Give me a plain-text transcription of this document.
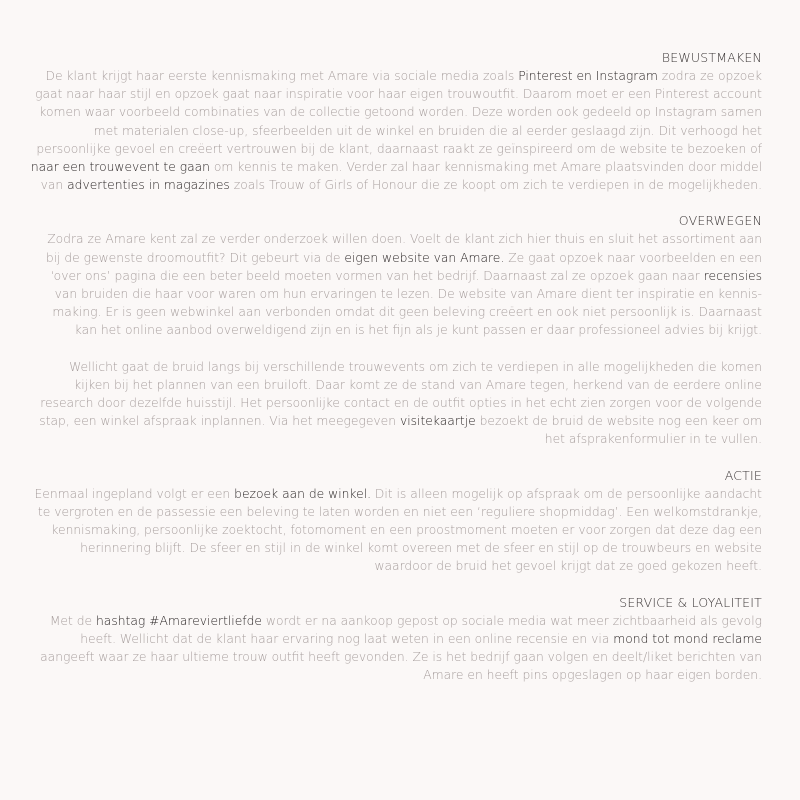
BEWUSTMAKEN

De klant krijgt haar eerste kennismaking met Amare via sociale media zoals Pinterest en Instagram zodra ze opzoek gaat naar haar stijl en opzoek gaat naar inspiratie voor haar eigen trouwoutfit. Daarom moet er een Pinterest account komen waar voorbeeld combinaties van de collectie getoond worden. Deze worden ook gedeeld op Instagram samen met materialen close-up, sfeerbeelden uit de winkel en bruiden die al eerder geslaagd zijn. Dit verhoogd het persoonlijke gevoel en creëert vertrouwen bij de klant, daarnaast raakt ze geïnspireerd om de website te bezoeken of naar een trouwevent te gaan om kennis te maken. Verder zal haar kennismaking met Amare plaatsvinden door middel van advertenties in magazines zoals Trouw of Girls of Honour die ze koopt om zich te verdiepen in de mogelijkheden.

OVERWEGEN

Zodra ze Amare kent zal ze verder onderzoek willen doen. Voelt de klant zich hier thuis en sluit het assortiment aan bij de gewenste droomoutfit? Dit gebeurt via de eigen website van Amare. Ze gaat opzoek naar voorbeelden en een ‘over ons’ pagina die een beter beeld moeten vormen van het bedrijf. Daarnaast zal ze opzoek gaan naar recensies van bruiden die haar voor waren om hun ervaringen te lezen. De website van Amare dient ter inspiratie en kennis-making. Er is geen webwinkel aan verbonden omdat dit geen beleving creëert en ook niet persoonlijk is. Daarnaast kan het online aanbod overweldigend zijn en is het fijn als je kunt passen er daar professioneel advies bij krijgt.

Wellicht gaat de bruid langs bij verschillende trouwevents om zich te verdiepen in alle mogelijkheden die komen kijken bij het plannen van een bruiloft. Daar komt ze de stand van Amare tegen, herkend van de eerdere online research door dezelfde huisstijl. Het persoonlijke contact en de outfit opties in het echt zien zorgen voor de volgende stap, een winkel afspraak inplannen. Via het meegegeven visitekaartje bezoekt de bruid de website nog een keer om het afsprakenformulier in te vullen.

ACTIE

Eenmaal ingepland volgt er een bezoek aan de winkel. Dit is alleen mogelijk op afspraak om de persoonlijke aandacht te vergroten en de passessie een beleving te laten worden en niet een ‘reguliere shopmiddag’. Een welkomstdrankje, kennismaking, persoonlijke zoektocht, fotomoment en een proostmoment moeten er voor zorgen dat deze dag een herinnering blijft. De sfeer en stijl in de winkel komt overeen met de sfeer en stijl op de trouwbeurs en website waardoor de bruid het gevoel krijgt dat ze goed gekozen heeft.

SERVICE & LOYALITEIT

Met de hashtag #Amareviertliefde wordt er na aankoop gepost op sociale media wat meer zichtbaarheid als gevolg heeft. Wellicht dat de klant haar ervaring nog laat weten in een online recensie en via mond tot mond reclame aangeeft waar ze haar ultieme trouw outfit heeft gevonden. Ze is het bedrijf gaan volgen en deelt/liket berichten van Amare en heeft pins opgeslagen op haar eigen borden.
